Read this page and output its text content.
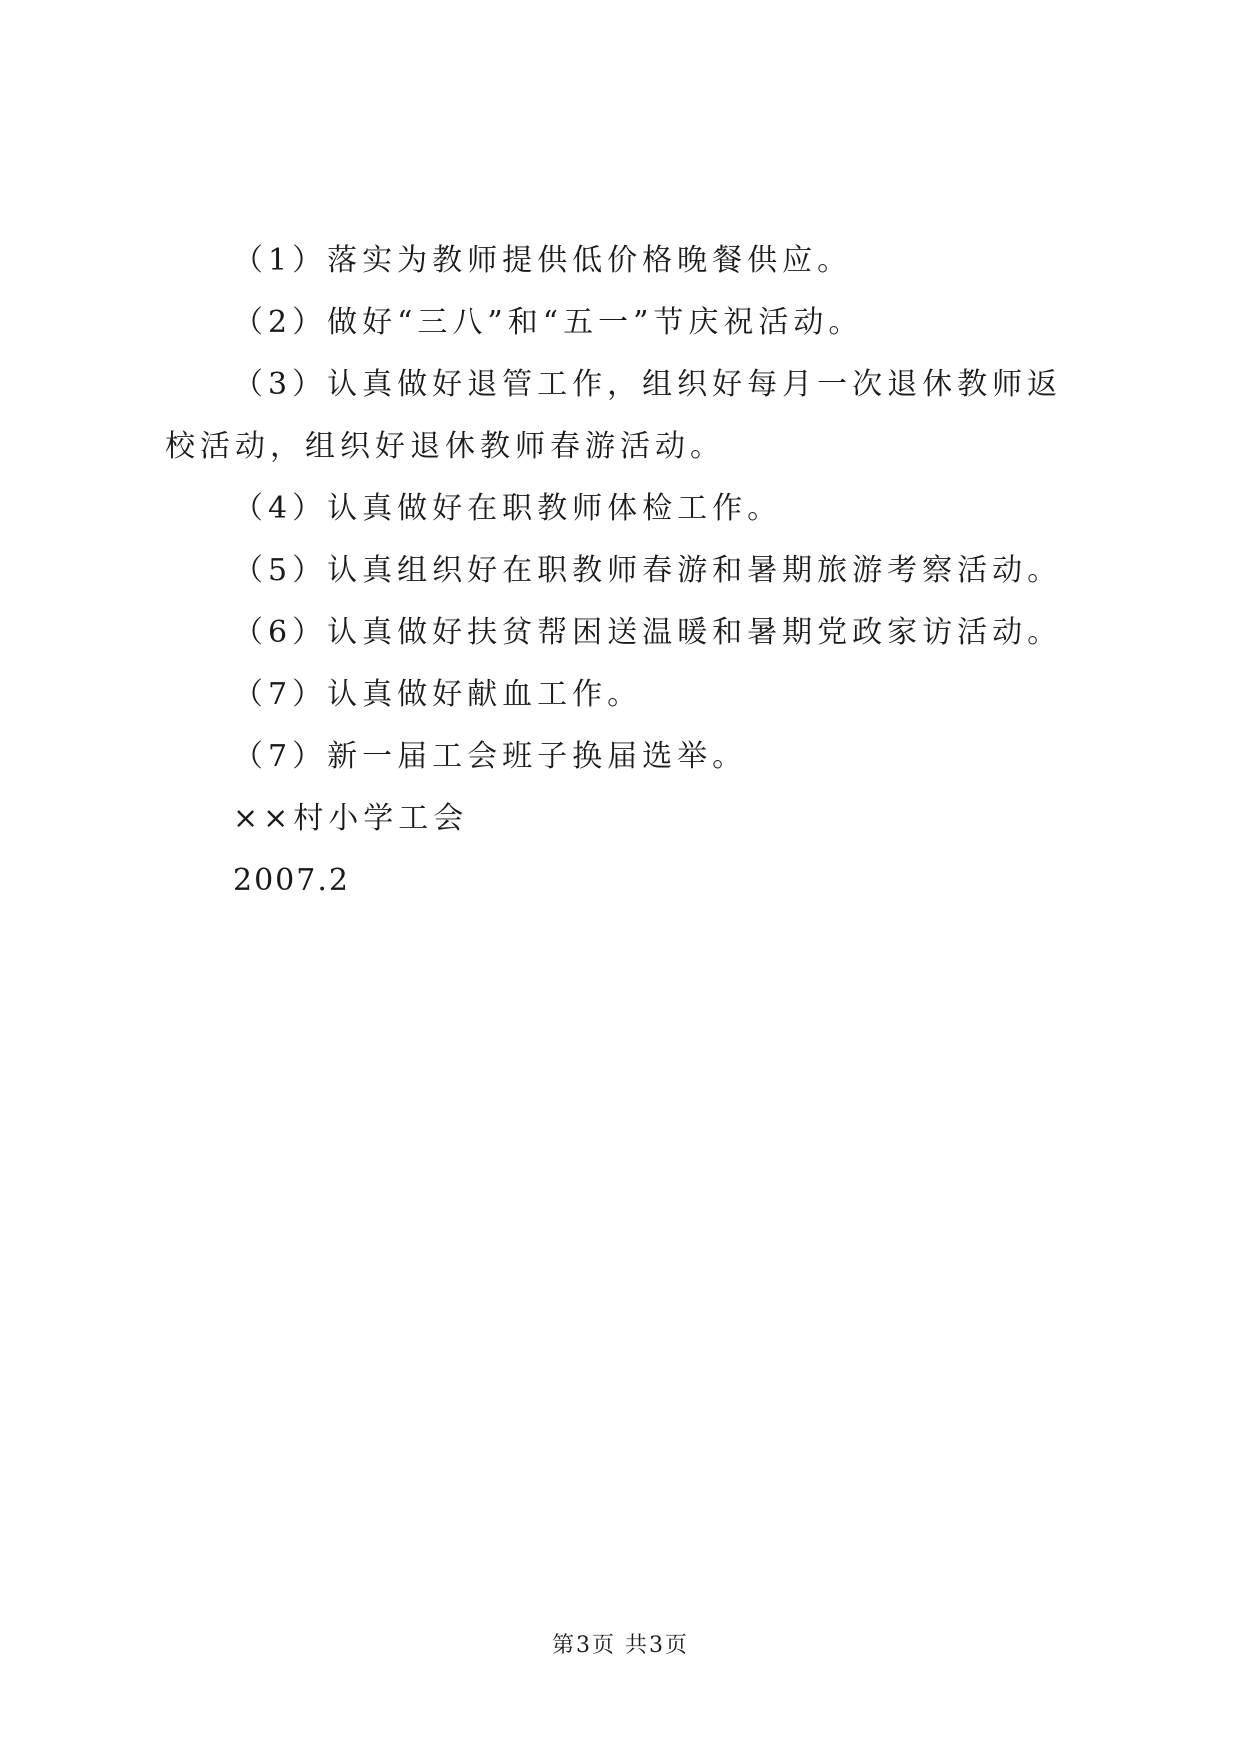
（1）落实为教师提供低价格晚餐供应。

（2）做好“三八”和“五一”节庆祝活动。

（3）认真做好退管工作，组织好每月一次退休教师返校活动，组织好退休教师春游活动。

（4）认真做好在职教师体检工作。

（5）认真组织好在职教师春游和暑期旅游考察活动。

（6）认真做好扶贫帮困送温暖和暑期党政家访活动。

（7）认真做好献血工作。

（7）新一届工会班子换届选举。

××村小学工会

2007.2

第3页 共3页
